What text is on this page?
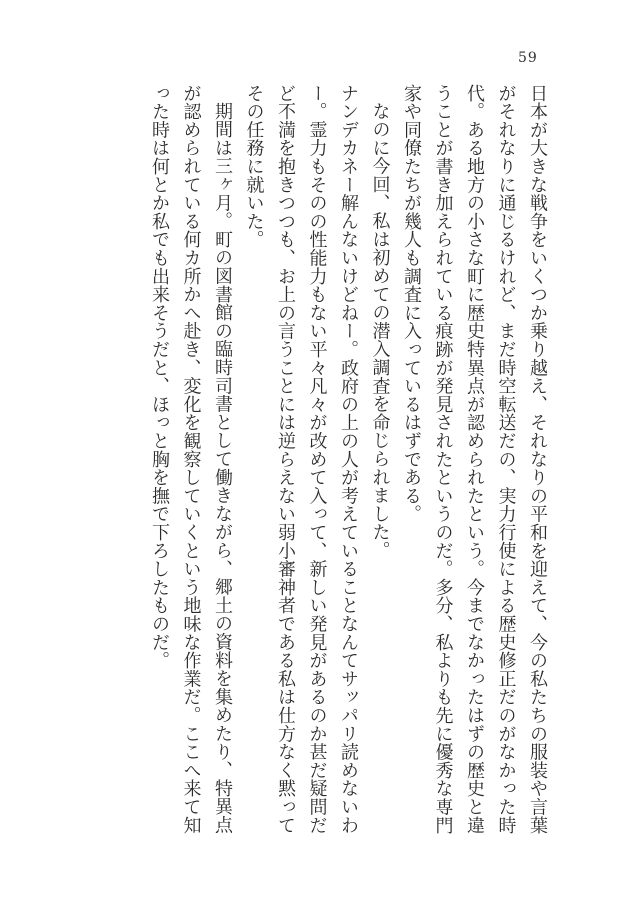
59

日本が大きな戦争をいくつか乗り越え、それなりの平和を迎えて、今の私たちの服装や言葉がそれなりに通じるけれど、まだ時空転送だの、実力行使による歴史修正だのがなかった時代。ある地方の小さな町に歴史特異点が認められたという。今までなかったはずの歴史と違うことが書き加えられている痕跡が発見されたというのだ。多分、私よりも先に優秀な専門家や同僚たちが幾人も調査に入っているはずである。

なのに今回、私は初めての潜入調査を命じられました。

ナンデカネー解んないけどねー。政府の上の人が考えていることなんてサッパリ読めないわー。霊力もそのの性能力もない平々凡々が改めて入って、新しい発見があるのか甚だ疑問だど不満を抱きつつも、お上の言うことには逆らえない弱小審神者である私は仕方なく黙ってその任務に就いた。

期間は三ヶ月。町の図書館の臨時司書として働きながら、郷土の資料を集めたり、特異点が認められている何カ所かへ赴き、変化を観察していくという地味な作業だ。ここへ来て知った時は何とか私でも出来そうだと、ほっと胸を撫で下ろしたものだ。
